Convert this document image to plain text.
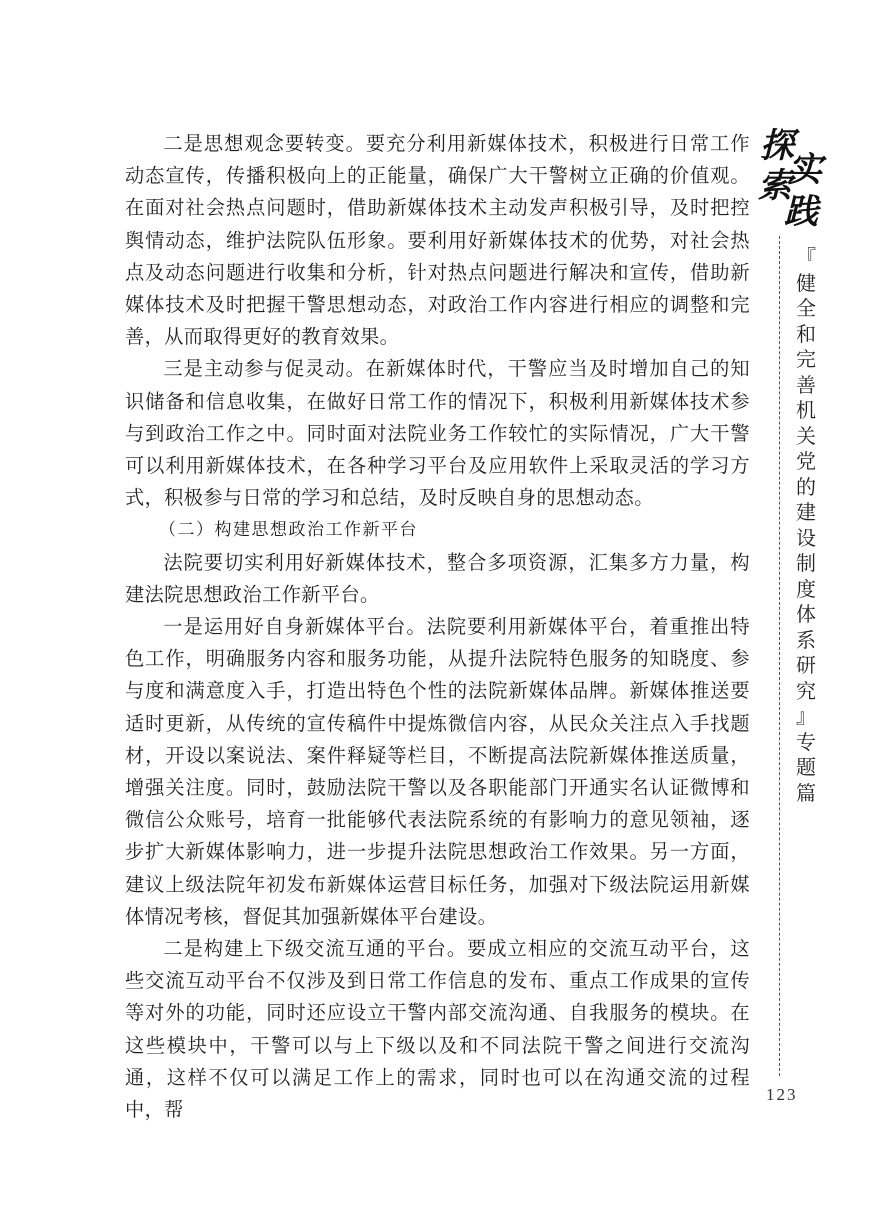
二是思想观念要转变。要充分利用新媒体技术，积极进行日常工作动态宣传，传播积极向上的正能量，确保广大干警树立正确的价值观。在面对社会热点问题时，借助新媒体技术主动发声积极引导，及时把控舆情动态，维护法院队伍形象。要利用好新媒体技术的优势，对社会热点及动态问题进行收集和分析，针对热点问题进行解决和宣传，借助新媒体技术及时把握干警思想动态，对政治工作内容进行相应的调整和完善，从而取得更好的教育效果。

三是主动参与促灵动。在新媒体时代，干警应当及时增加自己的知识储备和信息收集，在做好日常工作的情况下，积极利用新媒体技术参与到政治工作之中。同时面对法院业务工作较忙的实际情况，广大干警可以利用新媒体技术，在各种学习平台及应用软件上采取灵活的学习方式，积极参与日常的学习和总结，及时反映自身的思想动态。

（二）构建思想政治工作新平台

法院要切实利用好新媒体技术，整合多项资源，汇集多方力量，构建法院思想政治工作新平台。

一是运用好自身新媒体平台。法院要利用新媒体平台，着重推出特色工作，明确服务内容和服务功能，从提升法院特色服务的知晓度、参与度和满意度入手，打造出特色个性的法院新媒体品牌。新媒体推送要适时更新，从传统的宣传稿件中提炼微信内容，从民众关注点入手找题材，开设以案说法、案件释疑等栏目，不断提高法院新媒体推送质量，增强关注度。同时，鼓励法院干警以及各职能部门开通实名认证微博和微信公众账号，培育一批能够代表法院系统的有影响力的意见领袖，逐步扩大新媒体影响力，进一步提升法院思想政治工作效果。另一方面，建议上级法院年初发布新媒体运营目标任务，加强对下级法院运用新媒体情况考核，督促其加强新媒体平台建设。

二是构建上下级交流互通的平台。要成立相应的交流互动平台，这些交流互动平台不仅涉及到日常工作信息的发布、重点工作成果的宣传等对外的功能，同时还应设立干警内部交流沟通、自我服务的模块。在这些模块中，干警可以与上下级以及和不同法院干警之间进行交流沟通，这样不仅可以满足工作上的需求，同时也可以在沟通交流的过程中，帮

探
索
实
践
『
健
全
和
完
善
机
关
党
的
建
设
制
度
体
系
研
究
』
专
题
篇
123
